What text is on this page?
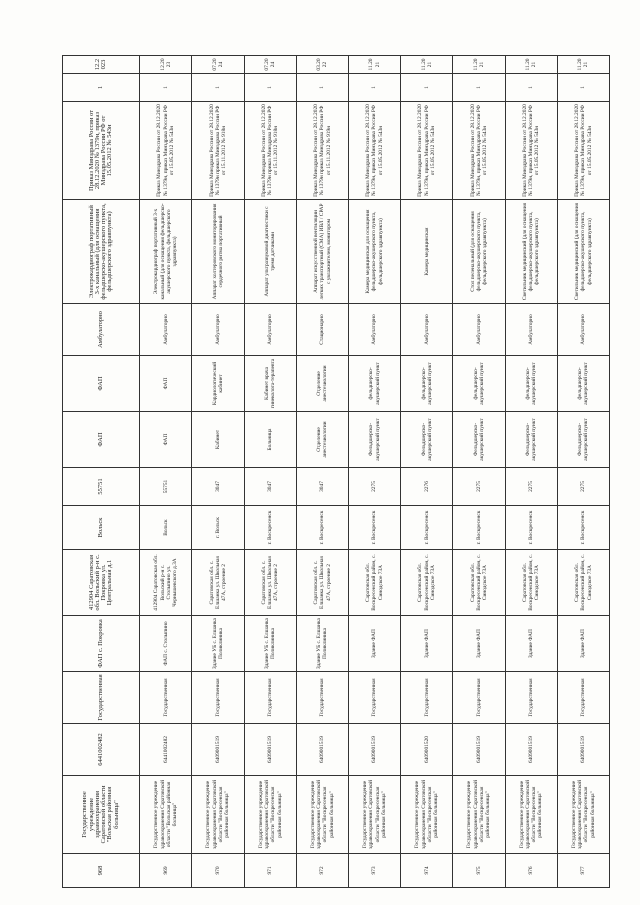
968	Государственное учреждение здравоохранения Саратовской области "Вольская районная больница"	6441002482	Государственная	ФАП с. Покровка	412904 Саратовская обл. Вольский р-н с. Покровка ул. Центральная д.1	Вольск	55751	ФАП	ФАП	Амбулаторно	Электрокардиограф портативный 3-х канальный (для оснащения фельдшерско-акушерского пункта, фельдшерского здравпункта)	Приказ Минздрава России от 28.12.2020 № 1379н, приказ Минздрава России РФ от 15.05.2012 № 543н	1	12.2023
969	Государственное учреждение здравоохранения Саратовской области "Вольская районная больница"	6441002482	Государственная	ФАП с. Столыпино	412904 Саратовская обл. Вольский р-н с. Столыпино ул. Чернышевского д.3А	Вольск	55751	ФАП	ФАП	Амбулаторно	Электрокардиограф портативный 3-х канальный (для оснащения фельдшерско-акушерского пункта, фельдшерского здравпункта)	Приказ Минздрава России от 28.12.2020 № 1379н, приказ Минздрава России РФ от 15.05.2012 № 543н	1	12.2023
970	Государственное учреждение здравоохранения Саратовской области "Воскресенская районная больница"	6409001519	Государственная	Здание УБ с. Елшанка Поликлиника	Саратовская обл. с. Елшанка ул. Школьная 47А, строение 2	г. Вольск	3047	Кабинет	Кардиологический кабинет	Амбулаторно	Аппарат холтеровского мониторирования сердечного ритма портативный	Приказ Минздрава России от 28.12.2020 № 1379н приказ Минздрава России РФ от 15.11.2012 № 918н	1	07.2024
971	Государственное учреждение здравоохранения Саратовской области "Воскресенская районная больница"	6409001519	Государственная	Здание УБ с. Елшанка Поликлиника	Саратовская обл. с. Елшанка ул. Школьная 47А, строение 2	г. Воскресенск	3047	Больница	Кабинет врача гинеколога-терапевта	Амбулаторно	Аппарат ультразвуковой диагностики с тремя датчиками	Приказ Минздрава России от 28.12.2020 № 1379н приказ Минздрава России РФ от 15.11.2012 № 918н	1	07.2024
972	Государственное учреждение здравоохранения Саратовской области "Воскресенская районная больница"	6409001519	Государственная	Здание УБ с. Елшанка Поликлиника	Саратовская обл. с. Елшанка ул. Школьная 47А, строение 2	г. Воскресенск	3047	Отделение анестезиологии	Отделение анестезиологии	Стационарно	Аппарат искусственной вентиляции легких транспортный (СМА) ИВЛ / СРАР с увлажнителем, монитором	Приказ Минздрава России от 28.12.2020 № 1379н приказ Минздрава России РФ от 15.11.2012 № 919н	1	03.2022
973	Государственное учреждение здравоохранения Саратовской области "Воскресенская районная больница"	6409001519	Государственная	Здание ФАП	Саратовская обл. Воскресенский район, с. Синодское 73А	г. Воскресенск	2275	Фельдшерско-акушерский пункт	фельдшерско-акушерский пункт	Амбулаторно	Камера медицинская для оснащения фельдшерско-акушерского пункта, фельдшерского здравпункта)	Приказ Минздрава России от 28.12.2020 № 1379н, приказ Минздрава России РФ от 15.05.2012 № 543н	1	11.2021
974	Государственное учреждение здравоохранения Саратовской области "Воскресенская районная больница"	6409001520	Государственная	Здание ФАП	Саратовская обл. Воскресенский район, с. Синодское 73А	г. Воскресенск	2276	Фельдшерско-акушерский пункт	фельдшерско-акушерский пункт	Амбулаторно	Камера медицинская	Приказ Минздрава России от 28.12.2020 № 1379н, приказ Минздрава России РФ от 15.05.2012 № 543н	1	11.2021
975	Государственное учреждение здравоохранения Саратовской области "Воскресенская районная больница"	6409001519	Государственная	Здание ФАП	Саратовская обл. Воскресенский район, с. Синодское 73А	г. Воскресенск	2275	Фельдшерско-акушерский пункт	фельдшерско-акушерский пункт	Амбулаторно	Стол пеленальный (для оснащения фельдшерско-акушерского пункта, фельдшерского здравпункта)	Приказ Минздрава России от 28.12.2020 № 1379н, приказ Минздрава России РФ от 15.05.2012 № 543н	1	11.2021
976	Государственное учреждение здравоохранения Саратовской области "Воскресенская районная больница"	6409001519	Государственная	Здание ФАП	Саратовская обл. Воскресенский район, с. Синодское 73А	г. Воскресенск	2275	Фельдшерско-акушерский пункт	фельдшерско-акушерский пункт	Амбулаторно	Светильник медицинский (для оснащения фельдшерско-акушерского пункта, фельдшерского здравпункта)	Приказ Минздрава России от 28.12.2020 № 1379н, приказ Минздрава России РФ от 15.05.2012 № 543н	1	11.2021
977	Государственное учреждение здравоохранения Саратовской области "Воскресенская районная больница"	6409001519	Государственная	Здание ФАП	Саратовская обл. Воскресенский район, с. Синодское 73А	г. Воскресенск	2275	Фельдшерско-акушерский пункт	фельдшерско-акушерский пункт	Амбулаторно	Светильник медицинский (для оснащения фельдшерско-акушерского пункта, фельдшерского здравпункта)	Приказ Минздрава России от 28.12.2020 № 1379н, приказ Минздрава России РФ от 15.05.2012 № 543н	1	11.2021
